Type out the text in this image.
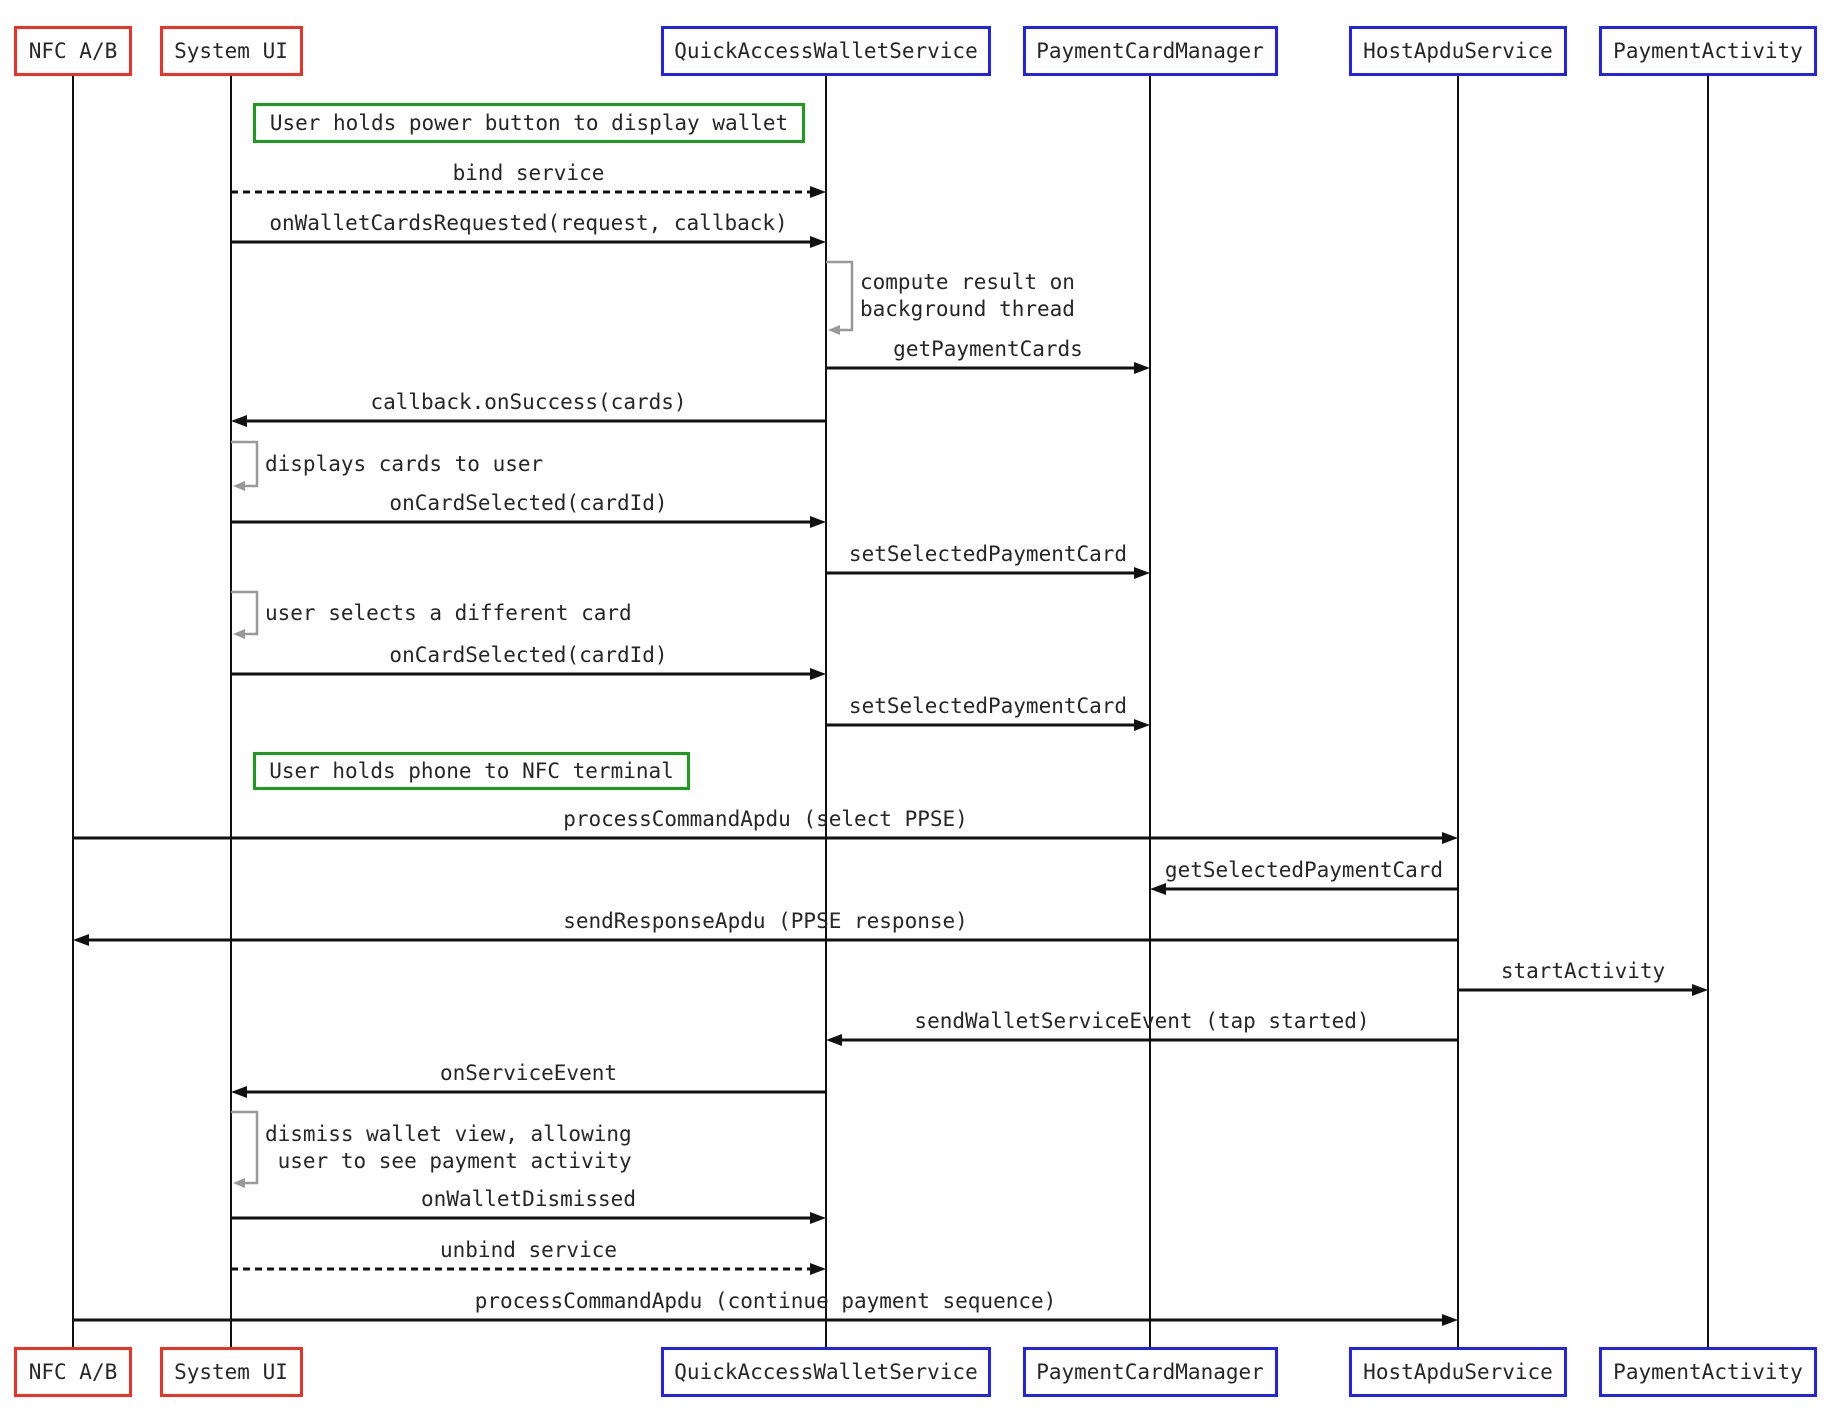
NFC A/B
NFC A/B
System UI
System UI
QuickAccessWalletService
QuickAccessWalletService
PaymentCardManager
PaymentCardManager
HostApduService
HostApduService
PaymentActivity
PaymentActivity
User holds power button to display wallet
bind service
onWalletCardsRequested(request, callback)
compute result on
background thread
getPaymentCards
callback.onSuccess(cards)
displays cards to user
onCardSelected(cardId)
setSelectedPaymentCard
user selects a different card
onCardSelected(cardId)
setSelectedPaymentCard
User holds phone to NFC terminal
processCommandApdu (select PPSE)
getSelectedPaymentCard
sendResponseApdu (PPSE response)
startActivity
sendWalletServiceEvent (tap started)
onServiceEvent
dismiss wallet view, allowing
user to see payment activity
onWalletDismissed
unbind service
processCommandApdu (continue payment sequence)
